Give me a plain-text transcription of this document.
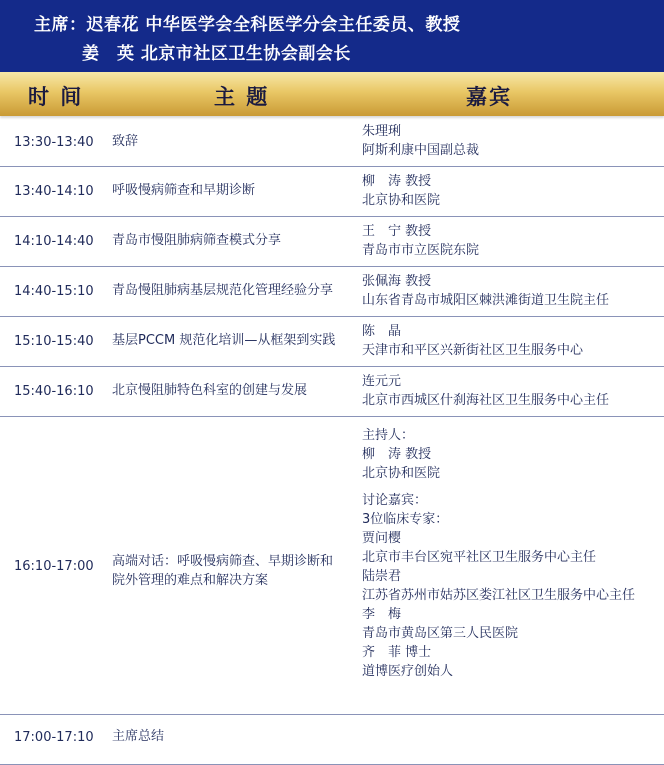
主席：迟春花 中华医学会全科医学分会主任委员、教授
姜　英 北京市社区卫生协会副会长
时 间	主 题	嘉宾
13:30-13:40 致辞
朱理琍
阿斯利康中国副总裁
13:40-14:10 呼吸慢病筛查和早期诊断
柳　涛 教授
北京协和医院
14:10-14:40 青岛市慢阻肺病筛查模式分享
王　宁 教授
青岛市市立医院东院
14:40-15:10 青岛慢阻肺病基层规范化管理经验分享
张佩海 教授
山东省青岛市城阳区棘洪滩街道卫生院主任
15:10-15:40 基层PCCM 规范化培训—从框架到实践
陈　晶
天津市和平区兴新街社区卫生服务中心
15:40-16:10 北京慢阻肺特色科室的创建与发展
连元元
北京市西城区什刹海社区卫生服务中心主任
16:10-17:00 高端对话：呼吸慢病筛查、早期诊断和院外管理的难点和解决方案
主持人：
柳　涛 教授
北京协和医院
讨论嘉宾：
3位临床专家：
贾问樱
北京市丰台区宛平社区卫生服务中心主任
陆崇君
江苏省苏州市姑苏区娄江社区卫生服务中心主任
李　梅
青岛市黄岛区第三人民医院
齐　菲 博士
道博医疗创始人
17:00-17:10 主席总结
